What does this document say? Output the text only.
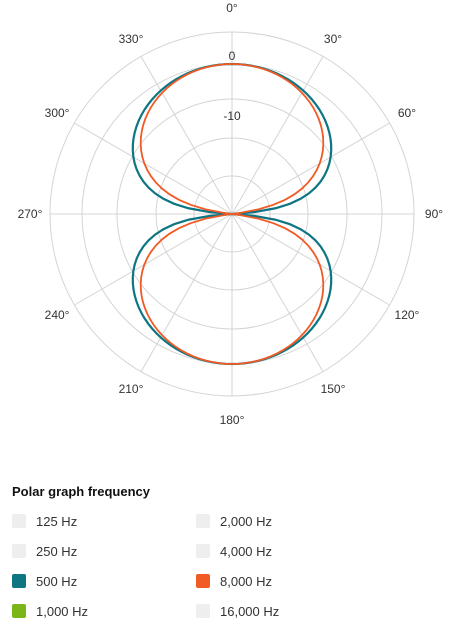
0°
30°
60°
90°
120°
150°
180°
210°
240°
270°
300°
330°
0
-10
Polar graph frequency
125 Hz	2,000 Hz
250 Hz	4,000 Hz
500 Hz	8,000 Hz
1,000 Hz	16,000 Hz
